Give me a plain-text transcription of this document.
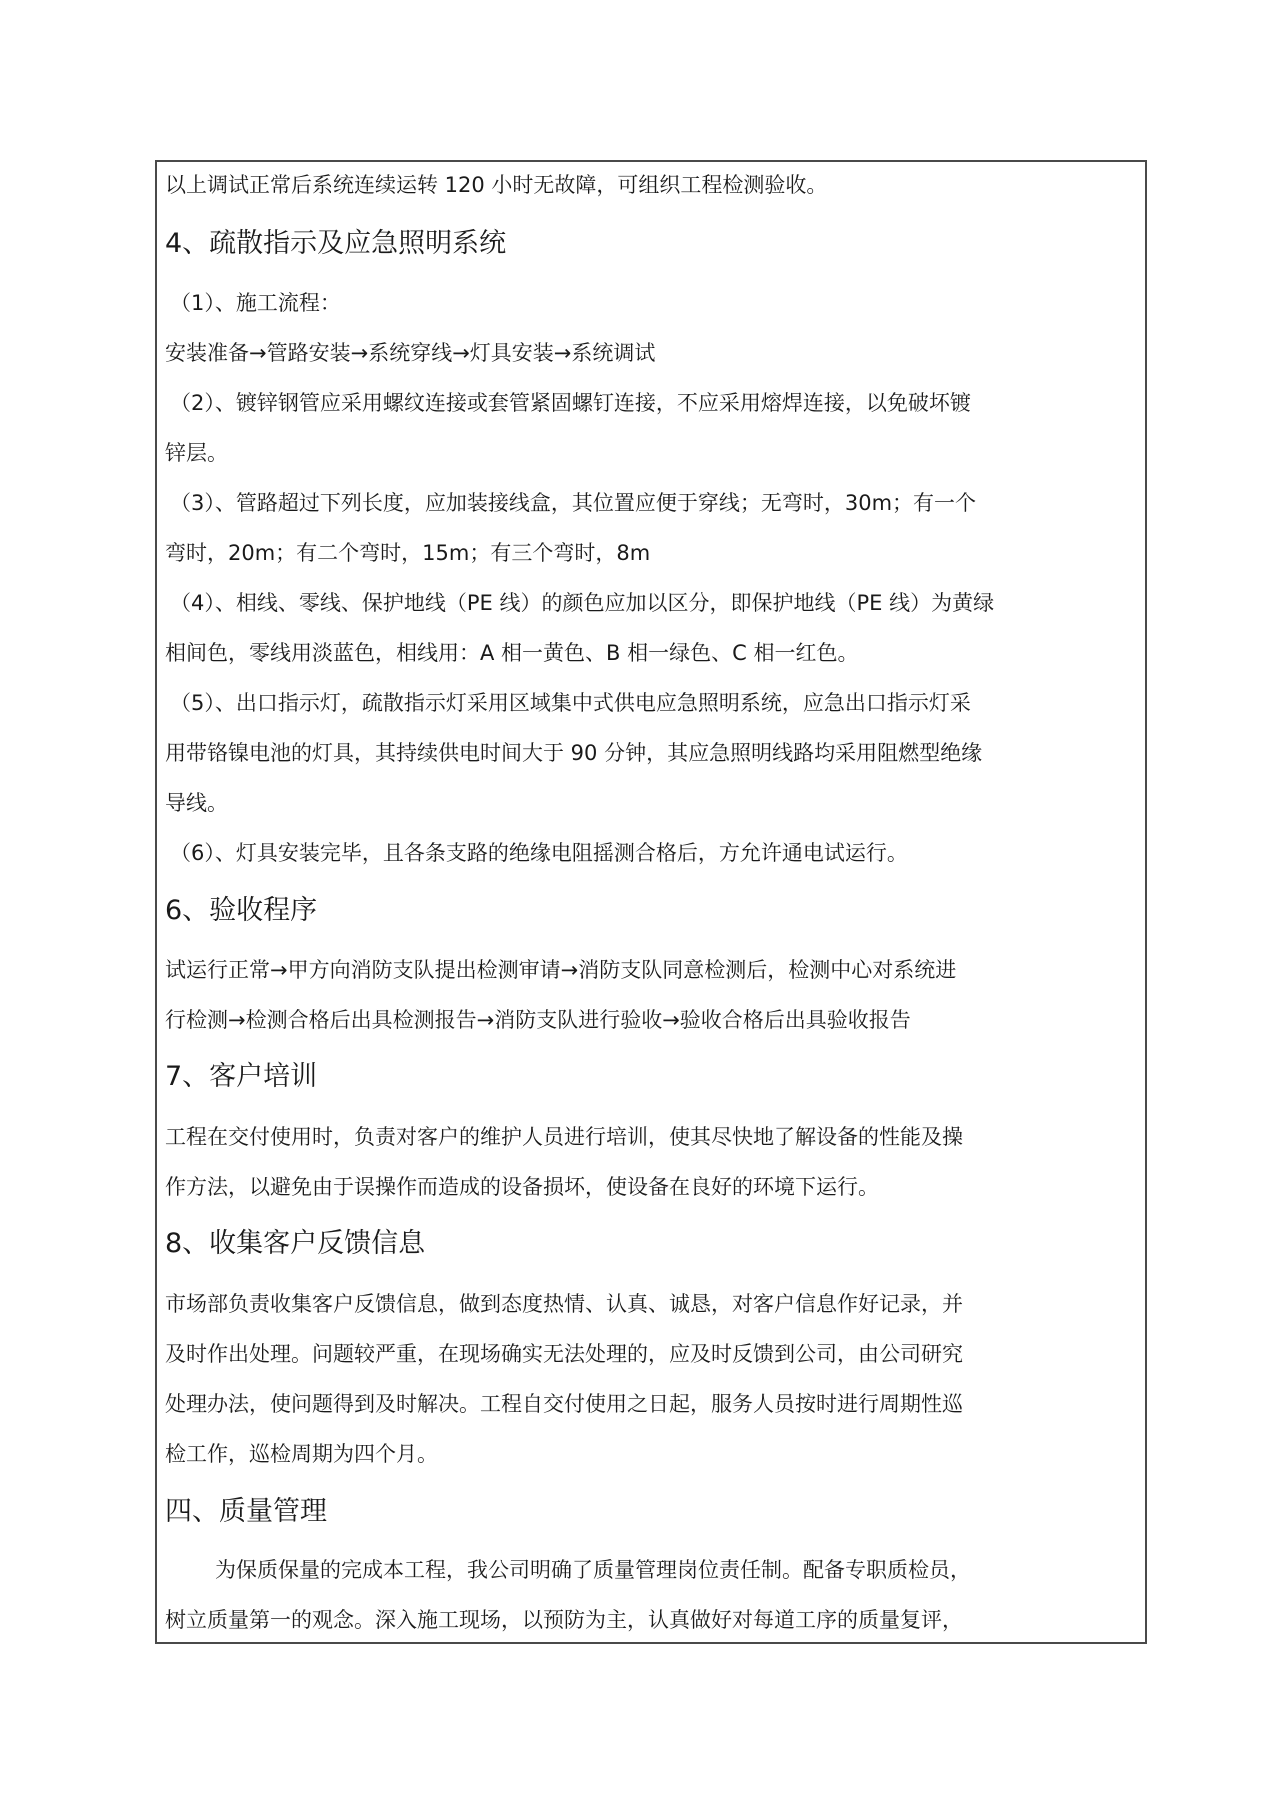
以上调试正常后系统连续运转 120 小时无故障，可组织工程检测验收。
4、疏散指示及应急照明系统
（1）、施工流程：
安装准备→管路安装→系统穿线→灯具安装→系统调试
（2）、镀锌钢管应采用螺纹连接或套管紧固螺钉连接，不应采用熔焊连接，以免破坏镀
锌层。
（3）、管路超过下列长度，应加装接线盒，其位置应便于穿线；无弯时，30m；有一个
弯时，20m；有二个弯时，15m；有三个弯时，8m
（4）、相线、零线、保护地线（PE 线）的颜色应加以区分，即保护地线（PE 线）为黄绿
相间色，零线用淡蓝色，相线用：A 相一黄色、B 相一绿色、C 相一红色。
（5）、出口指示灯，疏散指示灯采用区域集中式供电应急照明系统，应急出口指示灯采
用带铬镍电池的灯具，其持续供电时间大于 90 分钟，其应急照明线路均采用阻燃型绝缘
导线。
（6）、灯具安装完毕，且各条支路的绝缘电阻摇测合格后，方允许通电试运行。
6、验收程序
试运行正常→甲方向消防支队提出检测审请→消防支队同意检测后，检测中心对系统进
行检测→检测合格后出具检测报告→消防支队进行验收→验收合格后出具验收报告
7、客户培训
工程在交付使用时，负责对客户的维护人员进行培训，使其尽快地了解设备的性能及操
作方法，以避免由于误操作而造成的设备损坏，使设备在良好的环境下运行。
8、收集客户反馈信息
市场部负责收集客户反馈信息，做到态度热情、认真、诚恳，对客户信息作好记录，并
及时作出处理。问题较严重，在现场确实无法处理的，应及时反馈到公司，由公司研究
处理办法，使问题得到及时解决。工程自交付使用之日起，服务人员按时进行周期性巡
检工作，巡检周期为四个月。
四、质量管理
为保质保量的完成本工程，我公司明确了质量管理岗位责任制。配备专职质检员，
树立质量第一的观念。深入施工现场，以预防为主，认真做好对每道工序的质量复评，
